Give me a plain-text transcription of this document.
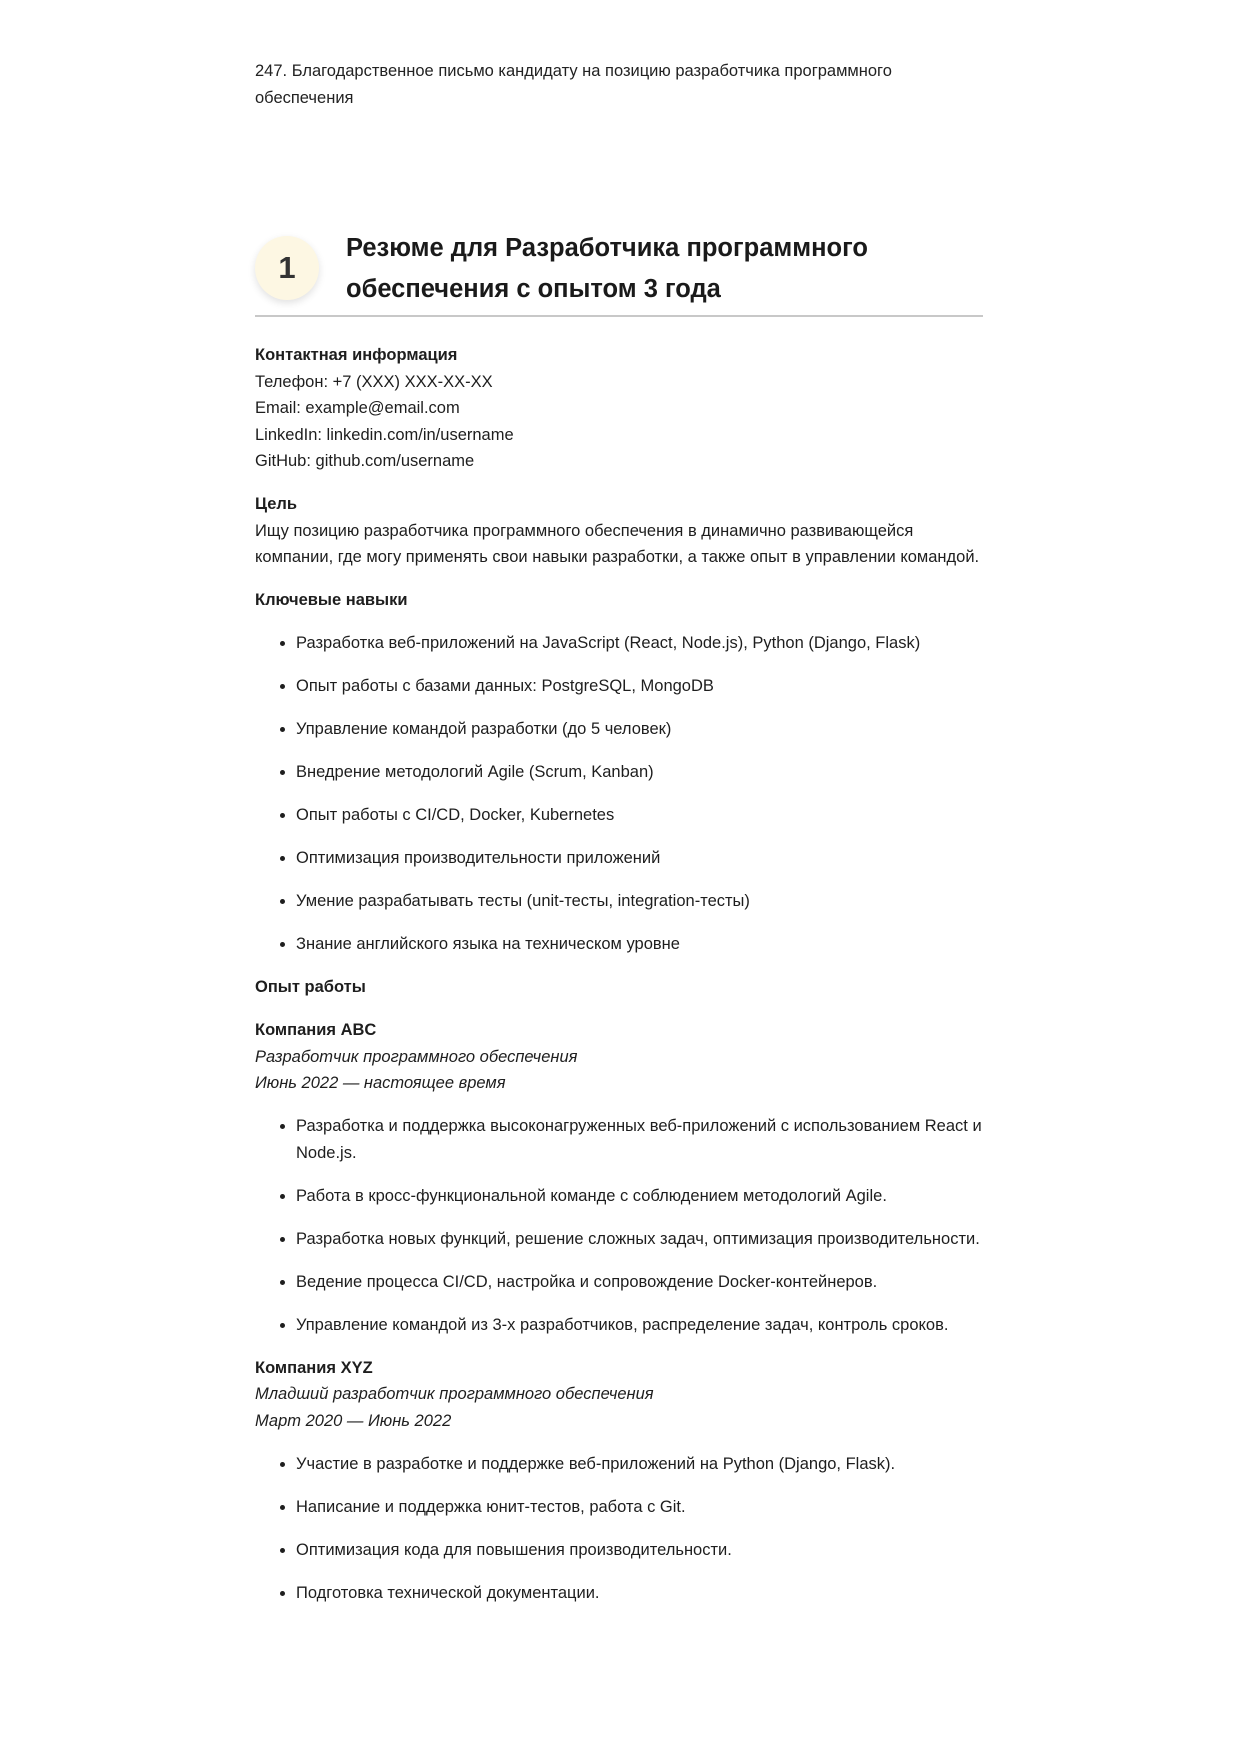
247. Благодарственное письмо кандидату на позицию разработчика программного обеспечения
1
Резюме для Разработчика программного обеспечения с опытом 3 года

Контактная информация
Телефон: +7 (XXX) XXX-XX-XX
Email: example@email.com
LinkedIn: linkedin.com/in/username
GitHub: github.com/username

Цель
Ищу позицию разработчика программного обеспечения в динамично развивающейся компании, где могу применять свои навыки разработки, а также опыт в управлении командой.

Ключевые навыки

• Разработка веб-приложений на JavaScript (React, Node.js), Python (Django, Flask)
• Опыт работы с базами данных: PostgreSQL, MongoDB
• Управление командой разработки (до 5 человек)
• Внедрение методологий Agile (Scrum, Kanban)
• Опыт работы с CI/CD, Docker, Kubernetes
• Оптимизация производительности приложений
• Умение разрабатывать тесты (unit-тесты, integration-тесты)
• Знание английского языка на техническом уровне

Опыт работы

Компания ABC
Разработчик программного обеспечения
Июнь 2022 — настоящее время

• Разработка и поддержка высоконагруженных веб-приложений с использованием React и Node.js.
• Работа в кросс-функциональной команде с соблюдением методологий Agile.
• Разработка новых функций, решение сложных задач, оптимизация производительности.
• Ведение процесса CI/CD, настройка и сопровождение Docker-контейнеров.
• Управление командой из 3-х разработчиков, распределение задач, контроль сроков.

Компания XYZ
Младший разработчик программного обеспечения
Март 2020 — Июнь 2022

• Участие в разработке и поддержке веб-приложений на Python (Django, Flask).
• Написание и поддержка юнит-тестов, работа с Git.
• Оптимизация кода для повышения производительности.
• Подготовка технической документации.
